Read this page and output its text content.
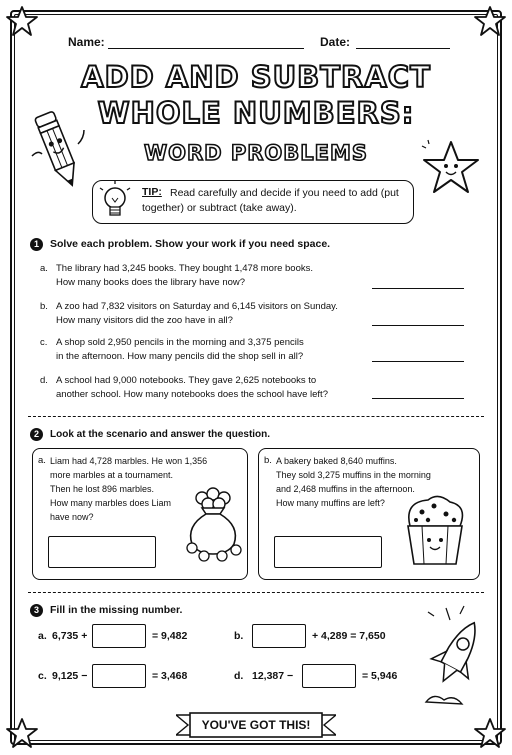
Name:	Date:
ADD AND SUBTRACT
WHOLE NUMBERS:
WORD PROBLEMS
TIP: Read carefully and decide if you need to add (put together) or subtract (take away).
1	Solve each problem. Show your work if you need space.
a. The library had 3,245 books. They bought 1,478 more books.
How many books does the library have now?
b. A zoo had 7,832 visitors on Saturday and 6,145 visitors on Sunday.
How many visitors did the zoo have in all?
c. A shop sold 2,950 pencils in the morning and 3,375 pencils
in the afternoon. How many pencils did the shop sell in all?
d. A school had 9,000 notebooks. They gave 2,625 notebooks to
another school. How many notebooks does the school have left?
2	Look at the scenario and answer the question.
a. Liam had 4,728 marbles. He won 1,356
more marbles at a tournament.
Then he lost 896 marbles.
How many marbles does Liam
have now?
b. A bakery baked 8,640 muffins.
They sold 3,275 muffins in the morning
and 2,468 muffins in the afternoon.
How many muffins are left?
3	Fill in the missing number.
a. 6,735 +	= 9,482	b.	+ 4,289 = 7,650
c. 9,125 −	= 3,468	d. 12,387 −	= 5,946
YOU'VE GOT THIS!
